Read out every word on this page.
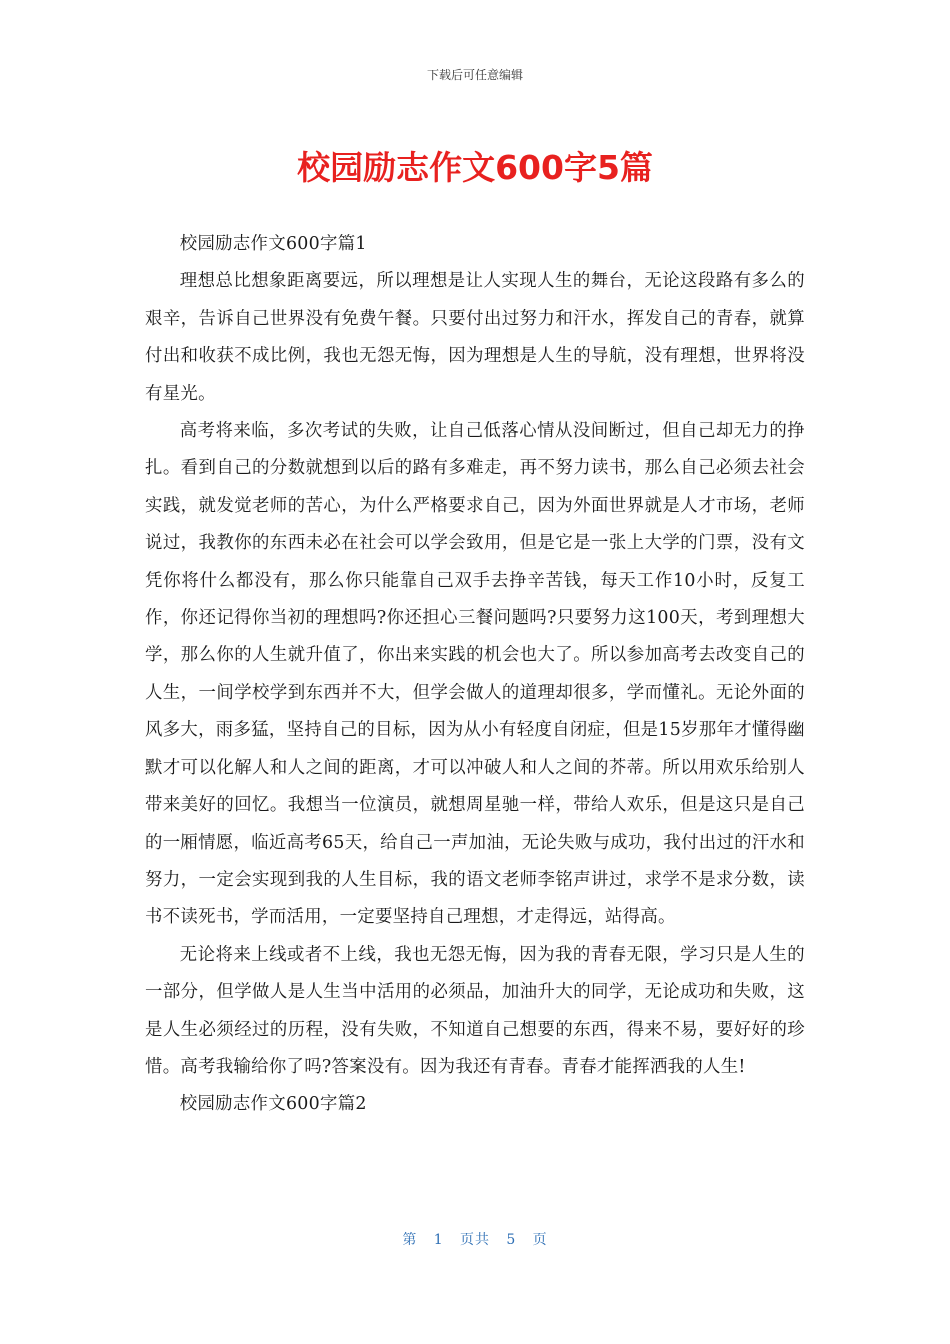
下载后可任意编辑
校园励志作文600字5篇

校园励志作文600字篇1

理想总比想象距离要远，所以理想是让人实现人生的舞台，无论这段路有多么的艰辛，告诉自己世界没有免费午餐。只要付出过努力和汗水，挥发自己的青春，就算付出和收获不成比例，我也无怨无悔，因为理想是人生的导航，没有理想，世界将没有星光。

高考将来临，多次考试的失败，让自己低落心情从没间断过，但自己却无力的挣扎。看到自己的分数就想到以后的路有多难走，再不努力读书，那么自己必须去社会实践，就发觉老师的苦心，为什么严格要求自己，因为外面世界就是人才市场，老师说过，我教你的东西未必在社会可以学会致用，但是它是一张上大学的门票，没有文凭你将什么都没有，那么你只能靠自己双手去挣辛苦钱，每天工作10小时，反复工作，你还记得你当初的理想吗?你还担心三餐问题吗?只要努力这100天，考到理想大学，那么你的人生就升值了，你出来实践的机会也大了。所以参加高考去改变自己的人生，一间学校学到东西并不大，但学会做人的道理却很多，学而懂礼。无论外面的风多大，雨多猛，坚持自己的目标，因为从小有轻度自闭症，但是15岁那年才懂得幽默才可以化解人和人之间的距离，才可以冲破人和人之间的芥蒂。所以用欢乐给别人带来美好的回忆。我想当一位演员，就想周星驰一样，带给人欢乐，但是这只是自己的一厢情愿，临近高考65天，给自己一声加油，无论失败与成功，我付出过的汗水和努力，一定会实现到我的人生目标，我的语文老师李铭声讲过，求学不是求分数，读书不读死书，学而活用，一定要坚持自己理想，才走得远，站得高。

无论将来上线或者不上线，我也无怨无悔，因为我的青春无限，学习只是人生的一部分，但学做人是人生当中活用的必须品，加油升大的同学，无论成功和失败，这是人生必须经过的历程，没有失败，不知道自己想要的东西，得来不易，要好好的珍惜。高考我输给你了吗?答案没有。因为我还有青春。青春才能挥洒我的人生!

校园励志作文600字篇2

第 1 页共 5 页
